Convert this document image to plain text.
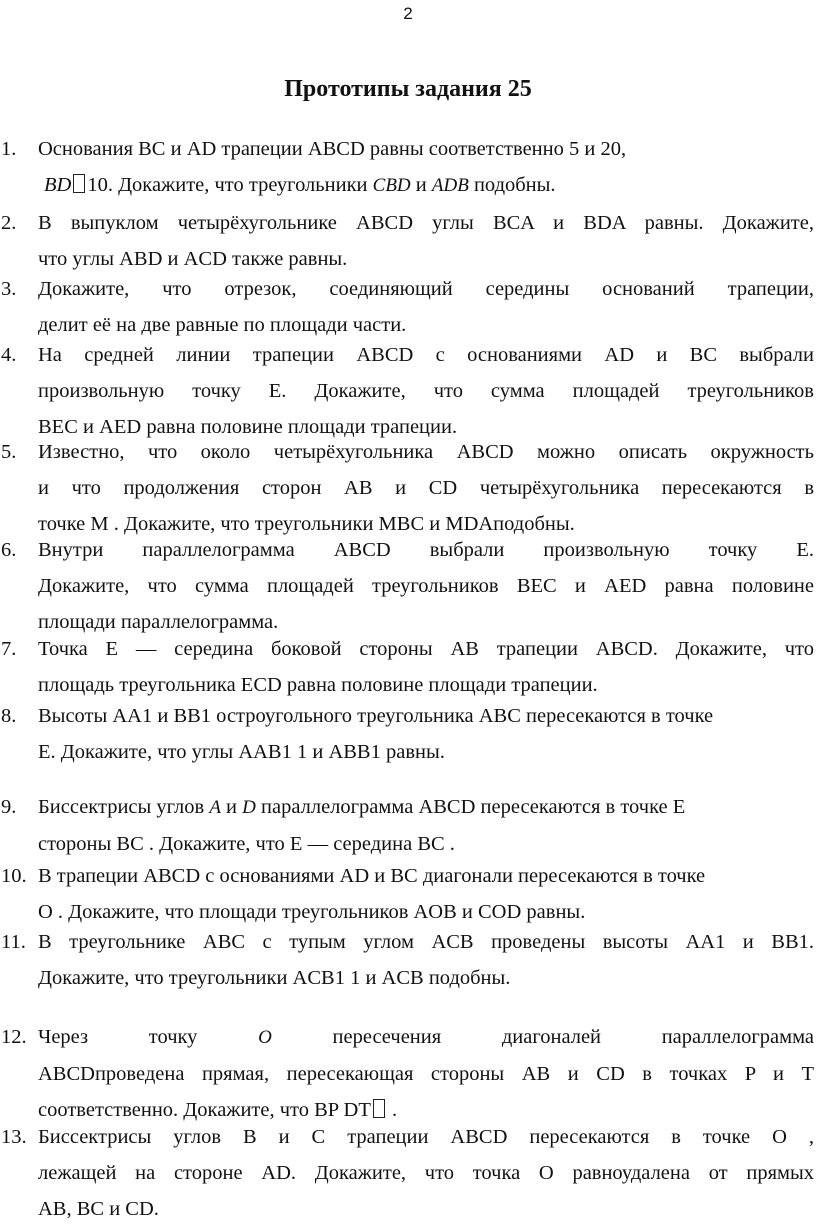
2
Прототипы задания 25
1. Основания BC и AD трапеции ABCD равны соответственно 5 и 20,
BD 10. Докажите, что треугольники CBD и ADB подобны.
2. В выпуклом четырёхугольнике ABCD углы BCA и BDA равны. Докажите,
что углы ABD и ACD также равны.
3. Докажите, что отрезок, соединяющий середины оснований трапеции,
делит её на две равные по площади части.
4. На средней линии трапеции ABCD с основаниями AD и BC выбрали
произвольную точку E. Докажите, что сумма площадей треугольников
BEC и AED равна половине площади трапеции.
5. Известно, что около четырёхугольника ABCD можно описать окружность
и что продолжения сторон AB и CD четырёхугольника пересекаются в
точке M . Докажите, что треугольники MBC и MDAподобны.
6. Внутри параллелограмма ABCD выбрали произвольную точку E.
Докажите, что сумма площадей треугольников BEC и AED равна половине
площади параллелограмма.
7. Точка E — середина боковой стороны AB трапеции ABCD. Докажите, что
площадь треугольника ECD равна половине площади трапеции.
8. Высоты AA1 и BB1 остроугольного треугольника ABC пересекаются в точке
E. Докажите, что углы AAB1 1 и ABB1 равны.
9. Биссектрисы углов A и D параллелограмма ABCD пересекаются в точке E
стороны BC . Докажите, что E — середина BC .
10. В трапеции ABCD с основаниями AD и BC диагонали пересекаются в точке
O . Докажите, что площади треугольников AOB и COD равны.
11. В треугольнике ABC с тупым углом ACB проведены высоты AA1 и BB1.
Докажите, что треугольники ACB1 1 и ACB подобны.
12. Через точку	O	пересечения диагоналей параллелограмма
ABCDпроведена прямая, пересекающая стороны AB и CD в точках P и T
соответственно. Докажите, что BP DT .
13. Биссектрисы углов B и C трапеции ABCD пересекаются в точке O ,
лежащей на стороне AD. Докажите, что точка O равноудалена от прямых
AB, BC и CD.
